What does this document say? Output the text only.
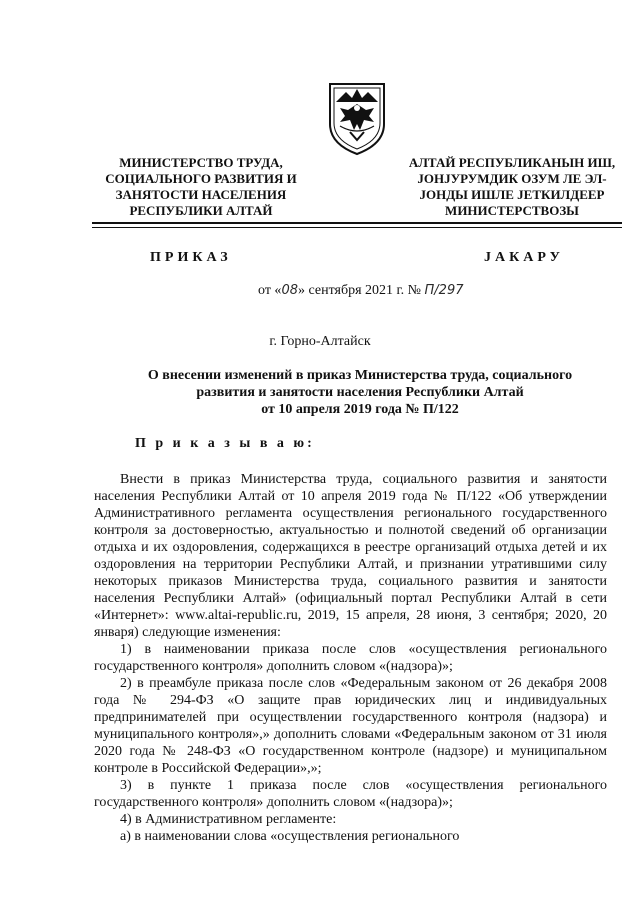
МИНИСТЕРСТВО ТРУДА,
СОЦИАЛЬНОГО РАЗВИТИЯ И
ЗАНЯТОСТИ НАСЕЛЕНИЯ
РЕСПУБЛИКИ АЛТАЙ
АЛТАЙ РЕСПУБЛИКАНЫН ИШ,
ЈОНЈУРУМДИК ОЗУМ ЛЕ ЭЛ-
ЈОНДЫ ИШЛЕ ЈЕТКИЛДЕЕР
МИНИСТЕРСТВОЗЫ
ПРИКАЗ	ЈАКАРУ
от «08» сентября 2021 г. № П/297
г. Горно-Алтайск
О внесении изменений в приказ Министерства труда, социального
развития и занятости населения Республики Алтай
от 10 апреля 2019 года № П/122
П р и к а з ы в а ю:

Внести в приказ Министерства труда, социального развития и занятости населения Республики Алтай от 10 апреля 2019 года № П/122 «Об утверждении Административного регламента осуществления регионального государственного контроля за достоверностью, актуальностью и полнотой сведений об организации отдыха и их оздоровления, содержащихся в реестре организаций отдыха детей и их оздоровления на территории Республики Алтай, и признании утратившими силу некоторых приказов Министерства труда, социального развития и занятости населения Республики Алтай» (официальный портал Республики Алтай в сети «Интернет»: www.altai-republic.ru, 2019, 15 апреля, 28 июня, 3 сентября; 2020, 20 января) следующие изменения:

1) в наименовании приказа после слов «осуществления регионального государственного контроля» дополнить словом «(надзора)»;

2) в преамбуле приказа после слов «Федеральным законом от 26 декабря 2008 года № 294-ФЗ «О защите прав юридических лиц и индивидуальных предпринимателей при осуществлении государственного контроля (надзора) и муниципального контроля»,» дополнить словами «Федеральным законом от 31 июля 2020 года № 248-ФЗ «О государственном контроле (надзоре) и муниципальном контроле в Российской Федерации»,»;

3) в пункте 1 приказа после слов «осуществления регионального государственного контроля» дополнить словом «(надзора)»;

4) в Административном регламенте:

а) в наименовании слова «осуществления регионального
